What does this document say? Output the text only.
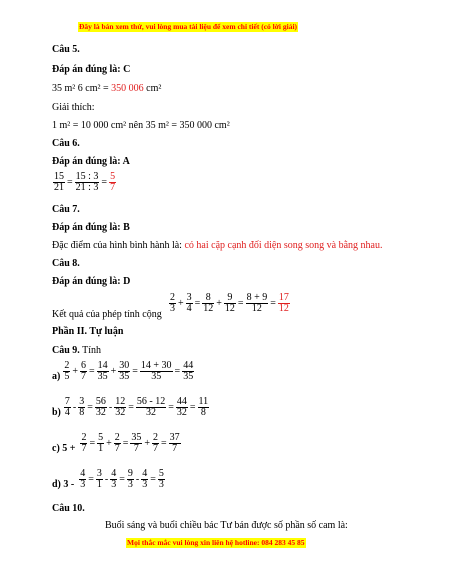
Đây là bản xem thử, vui lòng mua tài liệu để xem chi tiết (có lời giải)
Câu 5.
Đáp án đúng là: C
35 m² 6 cm² = 350 006 cm²
Giải thích:
1 m² = 10 000 cm² nên 35 m² = 350 000 cm²
Câu 6.
Đáp án đúng là: A
$\frac{15}{21} = \frac{15 : 3}{21 : 3} = \frac{5}{7}$
Câu 7.
Đáp án đúng là: B
Đặc điểm của hình bình hành là: có hai cặp cạnh đối diện song song và bằng nhau.
Câu 8.
Đáp án đúng là: D
Kết quả của phép tính cộng
$\frac{2}{3} + \frac{3}{4} = \frac{8}{12} + \frac{9}{12} = \frac{8 + 9}{12} = \frac{17}{12}$
Phần II. Tự luận
Câu 9. Tính
$a) \frac{2}{5} + \frac{6}{7} = \frac{14}{35} + \frac{30}{35} = \frac{14 + 30}{35} = \frac{44}{35}$
$b) \frac{7}{4} - \frac{3}{8} = \frac{56}{32} - \frac{12}{32} = \frac{56 - 12}{32} = \frac{44}{32} = \frac{11}{8}$
c) $5 + \frac{2}{7} = \frac{5}{1} + \frac{2}{7} = \frac{35}{7} + \frac{2}{7} = \frac{37}{7}$
d) $3 - \frac{4}{3} = \frac{3}{1} - \frac{4}{3} = \frac{9}{3} - \frac{4}{3} = \frac{5}{3}$
Câu 10.
Buổi sáng và buổi chiều bác Tư bán được số phần số cam là:
Mọi thắc mắc vui lòng xin liên hệ hotline: 084 283 45 85
